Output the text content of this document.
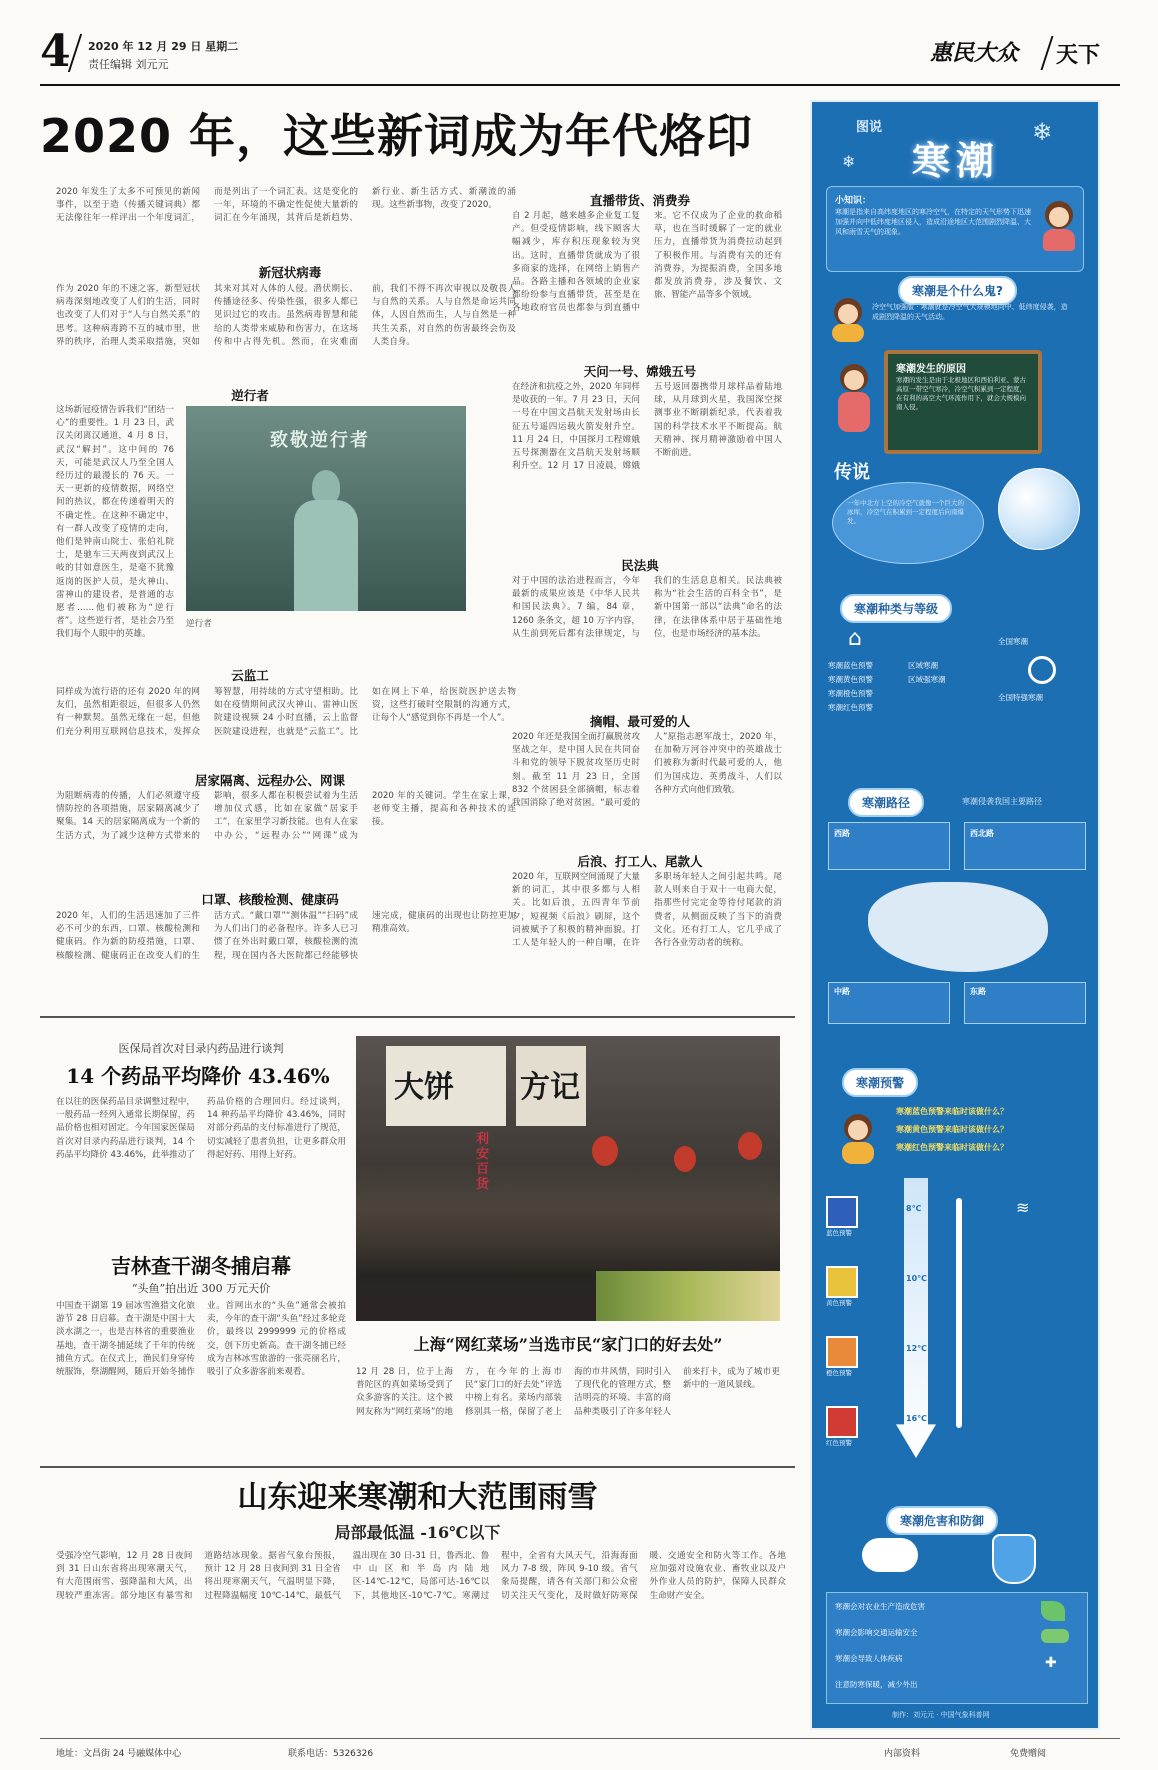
4 2020 年 12 月 29 日 星期二
责任编辑 刘元元	惠民大众 天下
2020 年，这些新词成为年代烙印
2020 年发生了太多不可预见的新闻事件，以至于造（传播关键词典）都无法像往年一样评出一个年度词汇，而是列出了一个词汇表。这是变化的一年，环境的不确定性促使大量新的词汇在今年涌现，其背后是新趋势、新行业、新生活方式、新潮流的涌现。这些新事物，改变了2020。
新冠状病毒
作为 2020 年的不速之客，新型冠状病毒深刻地改变了人们的生活，同时也改变了人们对于“人与自然关系”的思考。这种病毒跨不互的城市里，世界的秩序，治理人类采取措施，突如其来对其对人体的人侵。潜伏期长、传播途径多、传染性强，很多人都已见识过它的攻击。虽然病毒智慧和能给的人类带来威胁和伤害力，在这场传和中占得先机。然而，在灾难面前，我们不得不再次审视以及敬畏人与自然的关系。人与自然是命运共同体，人因自然而生，人与自然是一种共生关系，对自然的伤害最终会伤及人类自身。
逆行者
这场新冠疫情告诉我们“团结一心”的重要性。1 月 23 日，武汉关闭离汉通道，4 月 8 日，武汉“解封”。这中间的 76 天，可能是武汉人乃至全国人经历过的最漫长的 76 天。一天一更新的疫情数据，网络空间的热议，都在传递着明天的不确定性。在这种不确定中，有一群人改变了疫情的走向，他们是钟南山院士、张伯礼院士，是驰车三天两夜到武汉上岐的甘如意医生，是毫不犹豫返岗的医护人员，是火神山、雷神山的建设者，是普通的志愿者……他们被称为“逆行者”。这些逆行者，是社会乃至我们每个人眼中的英雄。
致敬逆行者
逆行者
云监工
同样成为流行语的还有 2020 年的网友们，虽然相距很远，但很多人仍然有一种默契。虽然无缘在一起，但他们充分利用互联网信息技术，发挥众筹智慧，用持续的方式守望相助。比如在疫情期间武汉火神山、雷神山医院建设视频 24 小时直播，云上监督医院建设进程，也就是“云监工”。比如在网上下单，给医院医护送去物资，这些打破时空限制的沟通方式，让每个人“感觉到你不再是一个人”。
居家隔离、远程办公、网课
为阻断病毒的传播，人们必须遵守疫情防控的各项措施，居家隔离减少了聚集。14 天的居家隔离成为一个新的生活方式，为了减少这种方式带来的影响，很多人都在积极尝试着为生活增加仪式感，比如在家做“居家手工”，在家里学习新技能。也有人在家中办公，“远程办公”“网课”成为 2020 年的关键词。学生在家上课，老师变主播，提高和各种技术的连接。
口罩、核酸检测、健康码
2020 年，人们的生活迅速加了三件必不可少的东西，口罩、核酸检测和健康码。作为新的防疫措施，口罩、核酸检测、健康码正在改变人们的生活方式。“戴口罩”“测体温”“扫码”成为人们出门的必备程序。许多人已习惯了在外出时戴口罩，核酸检测的流程，现在国内各大医院都已经能够快速完成，健康码的出现也让防控更加精准高效。
直播带货、消费券
自 2 月起，越来越多企业复工复产。但受疫情影响，线下顾客大幅减少，库存积压现象较为突出。这时，直播带货就成为了很多商家的选择，在网络上销售产品。各路主播和各领域的企业家都纷纷参与直播带货，甚至是在各地政府官员也都参与到直播中来。它不仅成为了企业的救命稻草，也在当时缓解了一定的就业压力，直播带货为消费拉动起到了积极作用。与消费有关的还有消费券，为提振消费，全国多地都发放消费券，涉及餐饮、文旅、智能产品等多个领域。
天问一号、嫦娥五号
在经济和抗疫之外，2020 年同样是收获的一年。7 月 23 日，天问一号在中国文昌航天发射场由长征五号遥四运载火箭发射升空。11 月 24 日，中国探月工程嫦娥五号探测器在文昌航天发射场顺利升空。12 月 17 日凌晨，嫦娥五号返回器携带月球样品着陆地球，从月球到火星，我国深空探测事业不断刷新纪录，代表着我国的科学技术水平不断提高。航天精神、探月精神激励着中国人不断前进。
民法典
对于中国的法治进程而言，今年最新的成果应该是《中华人民共和国民法典》。7 编，84 章，1260 条条文，超 10 万字内容，从生前到死后都有法律规定，与我们的生活息息相关。民法典被称为“社会生活的百科全书”，是新中国第一部以“法典”命名的法律，在法律体系中居于基础性地位，也是市场经济的基本法。
摘帽、最可爱的人
2020 年还是我国全面打赢脱贫攻坚战之年，是中国人民在共同奋斗和党的领导下脱贫攻坚历史时刻。截至 11 月 23 日，全国 832 个贫困县全部摘帽，标志着我国消除了绝对贫困。“最可爱的人”原指志愿军战士，2020 年，在加勒万河谷冲突中的英雄战士们被称为新时代最可爱的人，他们为国戍边、英勇战斗，人们以各种方式向他们致敬。
后浪、打工人、尾款人
2020 年，互联网空间涌现了大量新的词汇，其中很多都与人相关。比如后浪，五四青年节前夕，短视频《后浪》刷屏，这个词被赋予了积极的精神面貌。打工人是年轻人的一种自嘲，在许多职场年轻人之间引起共鸣。尾款人则来自于双十一电商大促，指那些付完定金等待付尾款的消费者，从侧面反映了当下的消费文化。还有打工人，它几乎成了各行各业劳动者的统称。
医保局首次对目录内药品进行谈判
14 个药品平均降价 43.46%
在以往的医保药品目录调整过程中，一般药品一经列入通常长期保留，药品价格也相对固定。今年国家医保局首次对目录内药品进行谈判，14 个药品平均降价 43.46%，此举推动了药品价格的合理回归。经过谈判，14 种药品平均降价 43.46%，同时对部分药品的支付标准进行了规范，切实减轻了患者负担，让更多群众用得起好药、用得上好药。
吉林查干湖冬捕启幕
“头鱼”拍出近 300 万元天价
中国查干湖第 19 届冰雪渔猎文化旅游节 28 日启幕。查干湖是中国十大淡水湖之一，也是吉林省的重要渔业基地，查干湖冬捕延续了千年的传统捕鱼方式。在仪式上，渔民们身穿传统服饰，祭湖醒网，随后开始冬捕作业。首网出水的“头鱼”通常会被拍卖，今年的查干湖“头鱼”经过多轮竞价，最终以 2999999 元的价格成交，创下历史新高。查干湖冬捕已经成为吉林冰雪旅游的一张亮丽名片，吸引了众多游客前来观看。
大饼 方记
利安百货
上海“网红菜场”当选市民“家门口的好去处”
12 月 28 日，位于上海普陀区的真如菜场受到了众多游客的关注。这个被网友称为“网红菜场”的地方，在今年的上海市民“家门口的好去处”评选中榜上有名。菜场内部装修别具一格，保留了老上海的市井风情，同时引入了现代化的管理方式，整洁明亮的环境、丰富的商品种类吸引了许多年轻人前来打卡，成为了城市更新中的一道风景线。
山东迎来寒潮和大范围雨雪
局部最低温 -16℃以下
受强冷空气影响，12 月 28 日夜间到 31 日山东省将出现寒潮天气，有大范围雨雪、强降温和大风，出现较严重冻害。部分地区有暴雪和道路结冰现象。据省气象台预报，预计 12 月 28 日夜间到 31 日全省将出现寒潮天气，气温明显下降，过程降温幅度 10℃-14℃，最低气温出现在 30 日-31 日，鲁西北、鲁中山区和半岛内陆地区-14℃-12℃，局部可达-16℃以下，其他地区-10℃-7℃。寒潮过程中，全省有大风天气，沿海海面风力 7-8 级，阵风 9-10 级。省气象局提醒，请各有关部门和公众密切关注天气变化，及时做好防寒保暖、交通安全和防火等工作。各地应加强对设施农业、畜牧业以及户外作业人员的防护，保障人民群众生命财产安全。
图说
寒潮
❄
❄
小知识：
寒潮是指来自高纬度地区的寒冷空气，在特定的天气形势下迅速加强并向中低纬度地区侵入，造成沿途地区大范围剧烈降温、大风和雨雪天气的现象。
寒潮是个什么鬼?
冷空气加强版 · 寒潮就是冷空气大规模地向中、低纬度侵袭，造成剧烈降温的天气活动。
寒潮发生的原因
寒潮的发生是由于北极地区和西伯利亚、蒙古高原一带空气寒冷，冷空气积累到一定程度，在有利的高空大气环流作用下，就会大规模向南入侵。
传说
一年中北方上空的冷空气就像一个巨大的冰库，冷空气在积累到一定程度后向南爆发。
寒潮种类与等级
全国寒潮
区域寒潮
区域强寒潮
全国特强寒潮
寒潮蓝色预警
寒潮黄色预警
寒潮橙色预警
寒潮红色预警
⌂
寒潮路径	寒潮侵袭我国主要路径
西路	西北路
中路	东路
寒潮预警
寒潮蓝色预警来临时该做什么？
寒潮黄色预警来临时该做什么？
寒潮红色预警来临时该做什么？
蓝色预警
8℃
黄色预警
10℃
橙色预警
12℃
红色预警
16℃
≋
寒潮危害和防御
寒潮会对农业生产造成危害
寒潮会影响交通运输安全
寒潮会导致人体疾病
注意防寒保暖，减少外出
✚
制作：刘元元 · 中国气象科普网
地址：文昌街 24 号融媒体中心	联系电话：5326326	内部资料	免费赠阅
